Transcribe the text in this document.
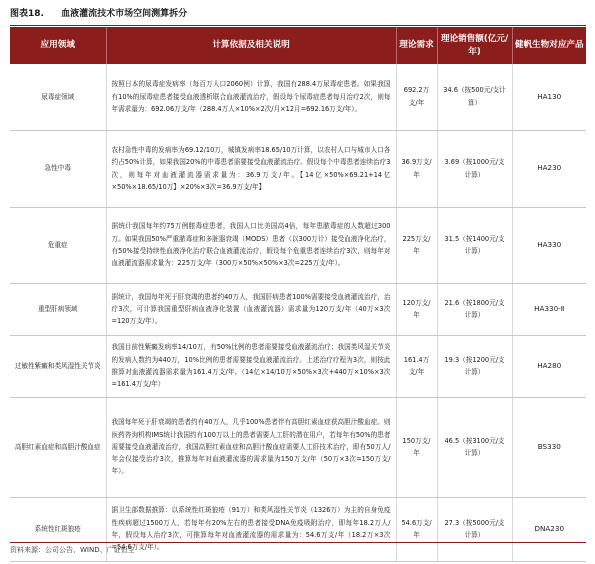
图表18. 血液灌流技术市场空间测算拆分
应用领域	计算依据及相关说明	理论需求	理论销售额(亿元/年)	健帆生物对应产品
尿毒症领域	按照日本的尿毒症发病率（每百万人口2060例）计算，我国有288.4万尿毒症患者。如果我国有10%的尿毒症患者接受血液透析联合血液灌流治疗，假设每个尿毒症患者每月治疗2次，则每年需求量为：692.06万支/年（288.4万人×10%×2次/月×12月=692.16万支/年）。	692.2万支/年	34.6（按500元/支计算）	HA130
急性中毒	农村急性中毒的发病率为69.12/10万，城镇发病率18.65/10万计算，以农村人口与城市人口各约占50%计算，如果我国20%的中毒患者需要接受血液灌流治疗。假设每个中毒患者连续治疗3次，则每年对血液灌流器需求量为：36.9万支/年。【14亿×50%×69.21+14亿×50%×18.65/10万】×20%×3次=36.9万支/年】	36.9万支/年	3.69（按1000元/支计算）	HA230
危重症	据统计我国每年约75万例脓毒症患者，我国人口比美国高4倍，每年患脓毒症的人数超过300万。如果我国50%严重脓毒症和多脏器衰竭（MODS）患者（以300万计）接受血液净化治疗，有50%接受持续性血液净化治疗联合血液灌流治疗，假设每个危重患者连续治疗3次，则每年对血液灌流器需求量为：225万支/年（300万×50%×50%×3次=225万支/年）。	225万支/年	31.5（按1400元/支计算）	HA330
重型肝病领域	据统计，我国每年死于肝衰竭的患者约40万人，我国肝病患者100%需要接受血液灌流治疗，治疗3次，可计算我国重型肝病血液净化装置（血液灌流器）需求量为120万支/年（40万×3次=120万支/年）。	120万支/年	21.6（按1800元/支计算）	HA330-Ⅱ
过敏性紫癜和类风湿性关节炎	我国目前性紫癜发病率14/10万，有50%比例的患者需要接受血液灌流治疗；我国类风湿关节炎的发病人数约为440万，10%比例的患者需要接受血液灌流治疗。上述治疗疗程为3次，则按此推算对血液灌流器需求量为161.4万支/年。（14亿×14/10万×50%×3次+440万×10%×3次=161.4万支/年）	161.4万支/年	19.3（按1200元/支计算）	HA280
高胆红素血症和高胆汁酸血症	我国每年死于肝衰竭的患者约有40万人，几乎100%患者伴有高胆红素血症获高胆汁酸血症。则医药咨询机构IMS统计我国约有100万以上的患者需要人工肝的潜在用户，若每年有50%的患者需要接受血液灌流治疗，我国高胆红素血症和高胆汁酸血症需要人工肝技术治疗，即有50万人/年会仅接受治疗3次，推算每年对血液灌流器的需求量为150万支/年（50万×3次=150万支/年）。	150万支/年	46.5（按3100元/支计算）	BS330
系统性红斑狼疮	据卫生部数据推算：以系统性红斑狼疮（91万）和类风湿性关节炎（1326万）为主的自身免疫性疾病超过1500万人，若每年有20%左右的患者接受DNA免疫吸附治疗，即每年18.2万人/年，假设每人治疗3次，可推算每年对血液灌流器的需求量为：54.6万支/年（18.2万×3次=54.6万支/年）。	54.6万支/年	27.3（按5000元/支计算）	DNA230
资料来源：公司公告、WIND、广证恒生
